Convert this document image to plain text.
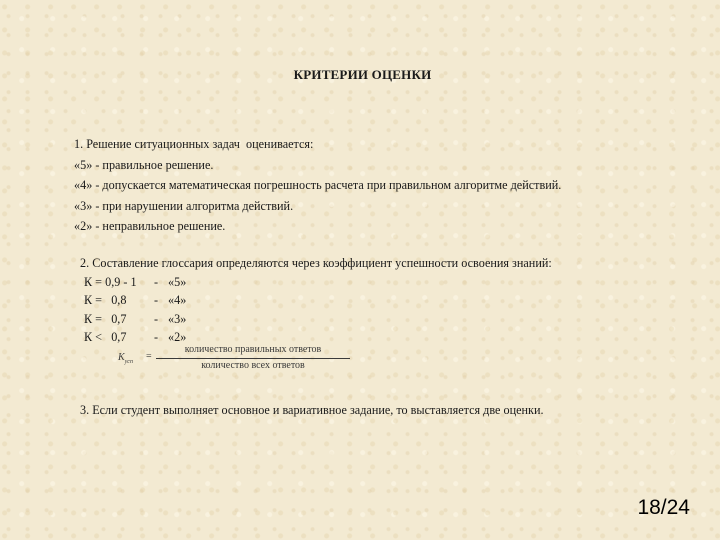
КРИТЕРИИ ОЦЕНКИ
1. Решение ситуационных задач  оценивается:
«5» - правильное решение.
«4» - допускается математическая погрешность расчета при правильном алгоритме действий.
«3» - при нарушении алгоритма действий.
«2» - неправильное решение.
2. Составление глоссария определяются через коэффициент успешности освоения знаний:
К = 0,9 - 1	- «5»
К =   0,8	- «4»
К =   0,7	- «3»
К <   0,7	- «2»
$К_{усп}$ =
количество правильных ответов
количество всех ответов
3. Если студент выполняет основное и вариативное задание, то выставляется две оценки.
18/24
